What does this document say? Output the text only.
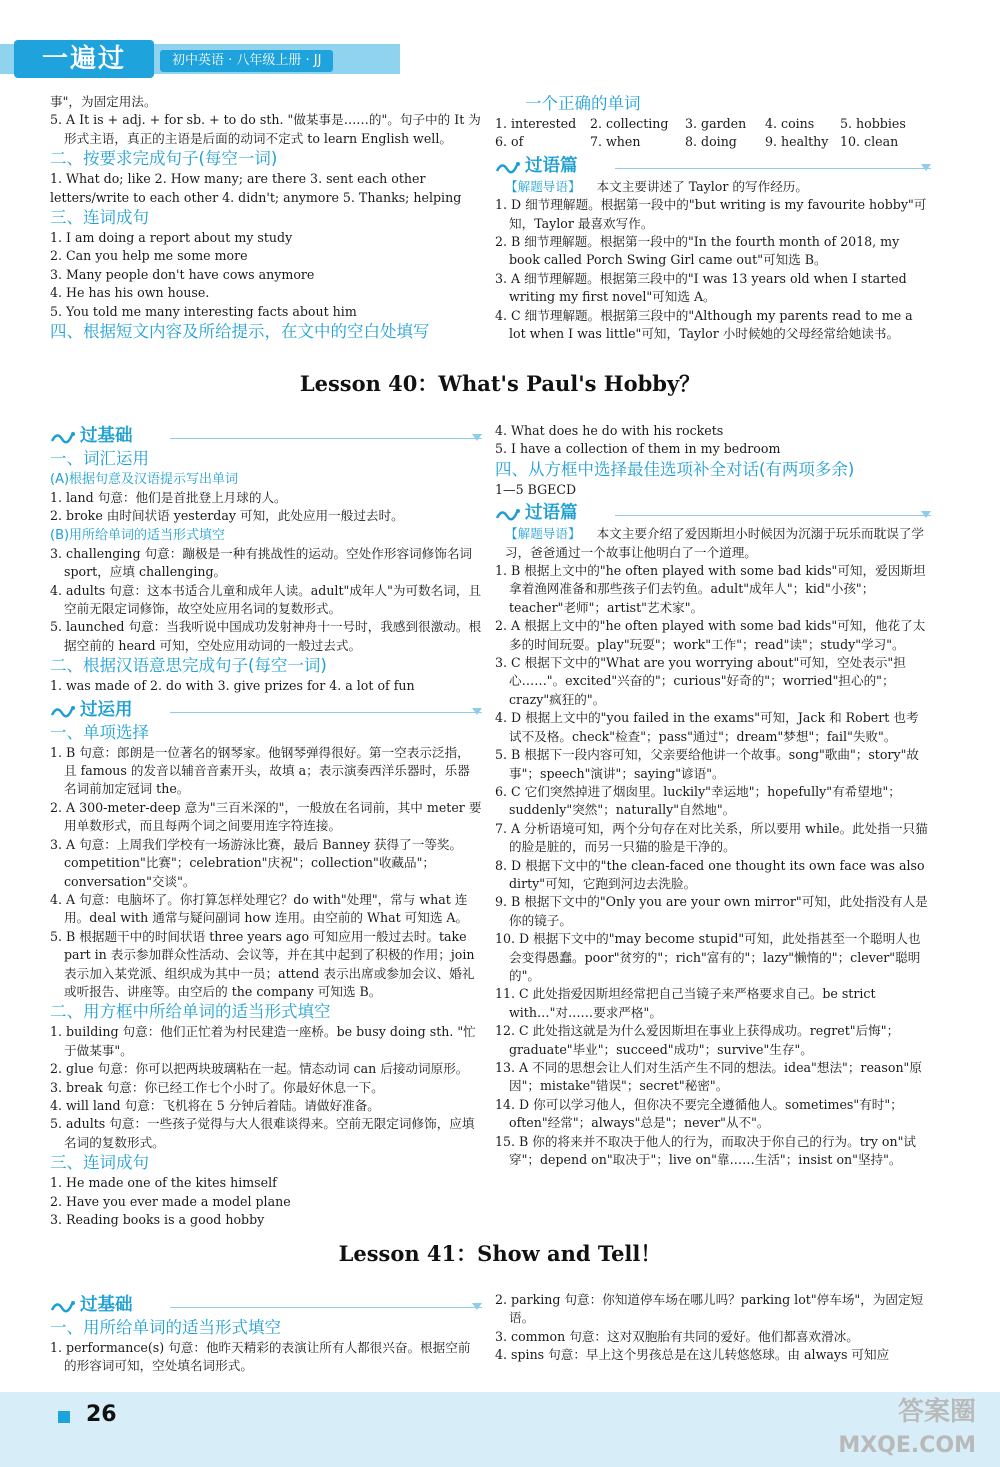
一遍过	初中英语 · 八年级上册 · JJ

事"，为固定用法。

5. A It is + adj. + for sb. + to do sth. "做某事是……的"。句子中的 It 为形式主语，真正的主语是后面的动词不定式 to learn English well。

二、按要求完成句子(每空一词)

1. What do; like 2. How many; are there 3. sent each other letters/write to each other 4. didn't; anymore 5. Thanks; helping

三、连词成句

1. I am doing a report about my study

2. Can you help me some more

3. Many people don't have cows anymore

4. He has his own house.

5. You told me many interesting facts about him

四、根据短文内容及所给提示，在文中的空白处填写

一个正确的单词

1. interested	2. collecting	3. garden	4. coins	5. hobbies
6. of	7. when	8. doing	9. healthy 10. clean
过语篇

【解题导语】 本文主要讲述了 Taylor 的写作经历。

1. D 细节理解题。根据第一段中的"but writing is my favourite hobby"可知，Taylor 最喜欢写作。

2. B 细节理解题。根据第一段中的"In the fourth month of 2018, my book called Porch Swing Girl came out"可知选 B。

3. A 细节理解题。根据第三段中的"I was 13 years old when I started writing my first novel"可知选 A。

4. C 细节理解题。根据第三段中的"Although my parents read to me a lot when I was little"可知，Taylor 小时候她的父母经常给她读书。

Lesson 40：What's Paul's Hobby？
过基础

一、词汇运用

(A)根据句意及汉语提示写出单词

1. land 句意：他们是首批登上月球的人。

2. broke 由时间状语 yesterday 可知，此处应用一般过去时。

(B)用所给单词的适当形式填空

3. challenging 句意：蹦极是一种有挑战性的运动。空处作形容词修饰名词 sport，应填 challenging。

4. adults 句意：这本书适合儿童和成年人读。adult"成年人"为可数名词，且空前无限定词修饰，故空处应用名词的复数形式。

5. launched 句意：当我听说中国成功发射神舟十一号时，我感到很激动。根据空前的 heard 可知，空处应用动词的一般过去式。

二、根据汉语意思完成句子(每空一词)

1. was made of 2. do with 3. give prizes for 4. a lot of fun

过运用

一、单项选择

1. B 句意：郎朗是一位著名的钢琴家。他钢琴弹得很好。第一空表示泛指，且 famous 的发音以辅音音素开头，故填 a；表示演奏西洋乐器时，乐器名词前加定冠词 the。

2. A 300-meter-deep 意为"三百米深的"，一般放在名词前，其中 meter 要用单数形式，而且每两个词之间要用连字符连接。

3. A 句意：上周我们学校有一场游泳比赛，最后 Banney 获得了一等奖。competition"比赛"；celebration"庆祝"；collection"收藏品"；conversation"交谈"。

4. A 句意：电脑坏了。你打算怎样处理它？do with"处理"，常与 what 连用。deal with 通常与疑问副词 how 连用。由空前的 What 可知选 A。

5. B 根据题干中的时间状语 three years ago 可知应用一般过去时。take part in 表示参加群众性活动、会议等，并在其中起到了积极的作用；join 表示加入某党派、组织成为其中一员；attend 表示出席或参加会议、婚礼或听报告、讲座等。由空后的 the company 可知选 B。

二、用方框中所给单词的适当形式填空

1. building 句意：他们正忙着为村民建造一座桥。be busy doing sth. "忙于做某事"。

2. glue 句意：你可以把两块玻璃粘在一起。情态动词 can 后接动词原形。

3. break 句意：你已经工作七个小时了。你最好休息一下。

4. will land 句意：飞机将在 5 分钟后着陆。请做好准备。

5. adults 句意：一些孩子觉得与大人很难谈得来。空前无限定词修饰，应填名词的复数形式。

三、连词成句

1. He made one of the kites himself

2. Have you ever made a model plane

3. Reading books is a good hobby

4. What does he do with his rockets

5. I have a collection of them in my bedroom

四、从方框中选择最佳选项补全对话(有两项多余)

1—5 BGECD

过语篇

【解题导语】 本文主要介绍了爱因斯坦小时候因为沉溺于玩乐而耽误了学习，爸爸通过一个故事让他明白了一个道理。

1. B 根据上文中的"he often played with some bad kids"可知，爱因斯坦拿着渔网准备和那些孩子们去钓鱼。adult"成年人"；kid"小孩"；teacher"老师"；artist"艺术家"。

2. A 根据上文中的"he often played with some bad kids"可知，他花了太多的时间玩耍。play"玩耍"；work"工作"；read"读"；study"学习"。

3. C 根据下文中的"What are you worrying about"可知，空处表示"担心……"。excited"兴奋的"；curious"好奇的"；worried"担心的"；crazy"疯狂的"。

4. D 根据上文中的"you failed in the exams"可知，Jack 和 Robert 也考试不及格。check"检查"；pass"通过"；dream"梦想"；fail"失败"。

5. B 根据下一段内容可知，父亲要给他讲一个故事。song"歌曲"；story"故事"；speech"演讲"；saying"谚语"。

6. C 它们突然掉进了烟囱里。luckily"幸运地"；hopefully"有希望地"；suddenly"突然"；naturally"自然地"。

7. A 分析语境可知，两个分句存在对比关系，所以要用 while。此处指一只猫的脸是脏的，而另一只猫的脸是干净的。

8. D 根据下文中的"the clean-faced one thought its own face was also dirty"可知，它跑到河边去洗脸。

9. B 根据下文中的"Only you are your own mirror"可知，此处指没有人是你的镜子。

10. D 根据下文中的"may become stupid"可知，此处指甚至一个聪明人也会变得愚蠢。poor"贫穷的"；rich"富有的"；lazy"懒惰的"；clever"聪明的"。

11. C 此处指爱因斯坦经常把自己当镜子来严格要求自己。be strict with…"对……要求严格"。

12. C 此处指这就是为什么爱因斯坦在事业上获得成功。regret"后悔"；graduate"毕业"；succeed"成功"；survive"生存"。

13. A 不同的思想会让人们对生活产生不同的想法。idea"想法"；reason"原因"；mistake"错误"；secret"秘密"。

14. D 你可以学习他人，但你决不要完全遵循他人。sometimes"有时"；often"经常"；always"总是"；never"从不"。

15. B 你的将来并不取决于他人的行为，而取决于你自己的行为。try on"试穿"；depend on"取决于"；live on"靠……生活"；insist on"坚持"。

Lesson 41：Show and Tell！
过基础

一、用所给单词的适当形式填空

1. performance(s) 句意：他昨天精彩的表演让所有人都很兴奋。根据空前的形容词可知，空处填名词形式。

2. parking 句意：你知道停车场在哪儿吗？parking lot"停车场"，为固定短语。

3. common 句意：这对双胞胎有共同的爱好。他们都喜欢滑冰。

4. spins 句意：早上这个男孩总是在这儿转悠悠球。由 always 可知应

26	答案圈
MXQE.COM
